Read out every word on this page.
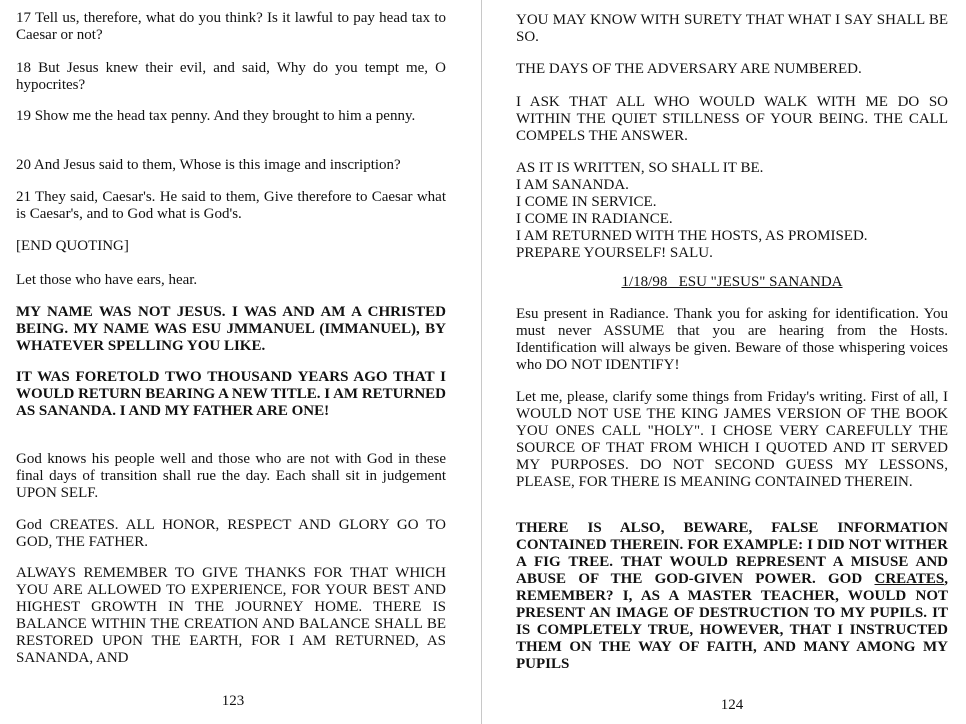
17 Tell us, therefore, what do you think? Is it lawful to pay head tax to Caesar or not?

18 But Jesus knew their evil, and said, Why do you tempt me, O hypocrites?

19 Show me the head tax penny. And they brought to him a penny.

20 And Jesus said to them, Whose is this image and inscription?

21 They said, Caesar's. He said to them, Give therefore to Caesar what is Caesar's, and to God what is God's.

[END QUOTING]

Let those who have ears, hear.

MY NAME WAS NOT JESUS. I WAS AND AM A CHRISTED BEING. MY NAME WAS ESU JMMANUEL (IMMANUEL), BY WHATEVER SPELLING YOU LIKE.

IT WAS FORETOLD TWO THOUSAND YEARS AGO THAT I WOULD RETURN BEARING A NEW TITLE. I AM RETURNED AS SANANDA. I AND MY FATHER ARE ONE!

God knows his people well and those who are not with God in these final days of transition shall rue the day. Each shall sit in judgement UPON SELF.

God CREATES. ALL HONOR, RESPECT AND GLORY GO TO GOD, THE FATHER.

ALWAYS REMEMBER TO GIVE THANKS FOR THAT WHICH YOU ARE ALLOWED TO EXPERIENCE, FOR YOUR BEST AND HIGHEST GROWTH IN THE JOURNEY HOME. THERE IS BALANCE WITHIN THE CREATION AND BALANCE SHALL BE RESTORED UPON THE EARTH, FOR I AM RETURNED, AS SANANDA, AND

123

YOU MAY KNOW WITH SURETY THAT WHAT I SAY SHALL BE SO.

THE DAYS OF THE ADVERSARY ARE NUMBERED.

I ASK THAT ALL WHO WOULD WALK WITH ME DO SO WITHIN THE QUIET STILLNESS OF YOUR BEING. THE CALL COMPELS THE ANSWER.

AS IT IS WRITTEN, SO SHALL IT BE.
I AM SANANDA.
I COME IN SERVICE.
I COME IN RADIANCE.
I AM RETURNED WITH THE HOSTS, AS PROMISED.
PREPARE YOURSELF! SALU.

1/18/98   ESU "JESUS" SANANDA

Esu present in Radiance. Thank you for asking for identification. You must never ASSUME that you are hearing from the Hosts. Identification will always be given. Beware of those whispering voices who DO NOT IDENTIFY!

Let me, please, clarify some things from Friday's writing. First of all, I WOULD NOT USE THE KING JAMES VERSION OF THE BOOK YOU ONES CALL "HOLY". I CHOSE VERY CAREFULLY THE SOURCE OF THAT FROM WHICH I QUOTED AND IT SERVED MY PURPOSES. DO NOT SECOND GUESS MY LESSONS, PLEASE, FOR THERE IS MEANING CONTAINED THEREIN.

THERE IS ALSO, BEWARE, FALSE INFORMATION CONTAINED THEREIN. FOR EXAMPLE: I DID NOT WITHER A FIG TREE. THAT WOULD REPRESENT A MISUSE AND ABUSE OF THE GOD-GIVEN POWER. GOD CREATES, REMEMBER? I, AS A MASTER TEACHER, WOULD NOT PRESENT AN IMAGE OF DESTRUCTION TO MY PUPILS. IT IS COMPLETELY TRUE, HOWEVER, THAT I INSTRUCTED THEM ON THE WAY OF FAITH, AND MANY AMONG MY PUPILS

124
